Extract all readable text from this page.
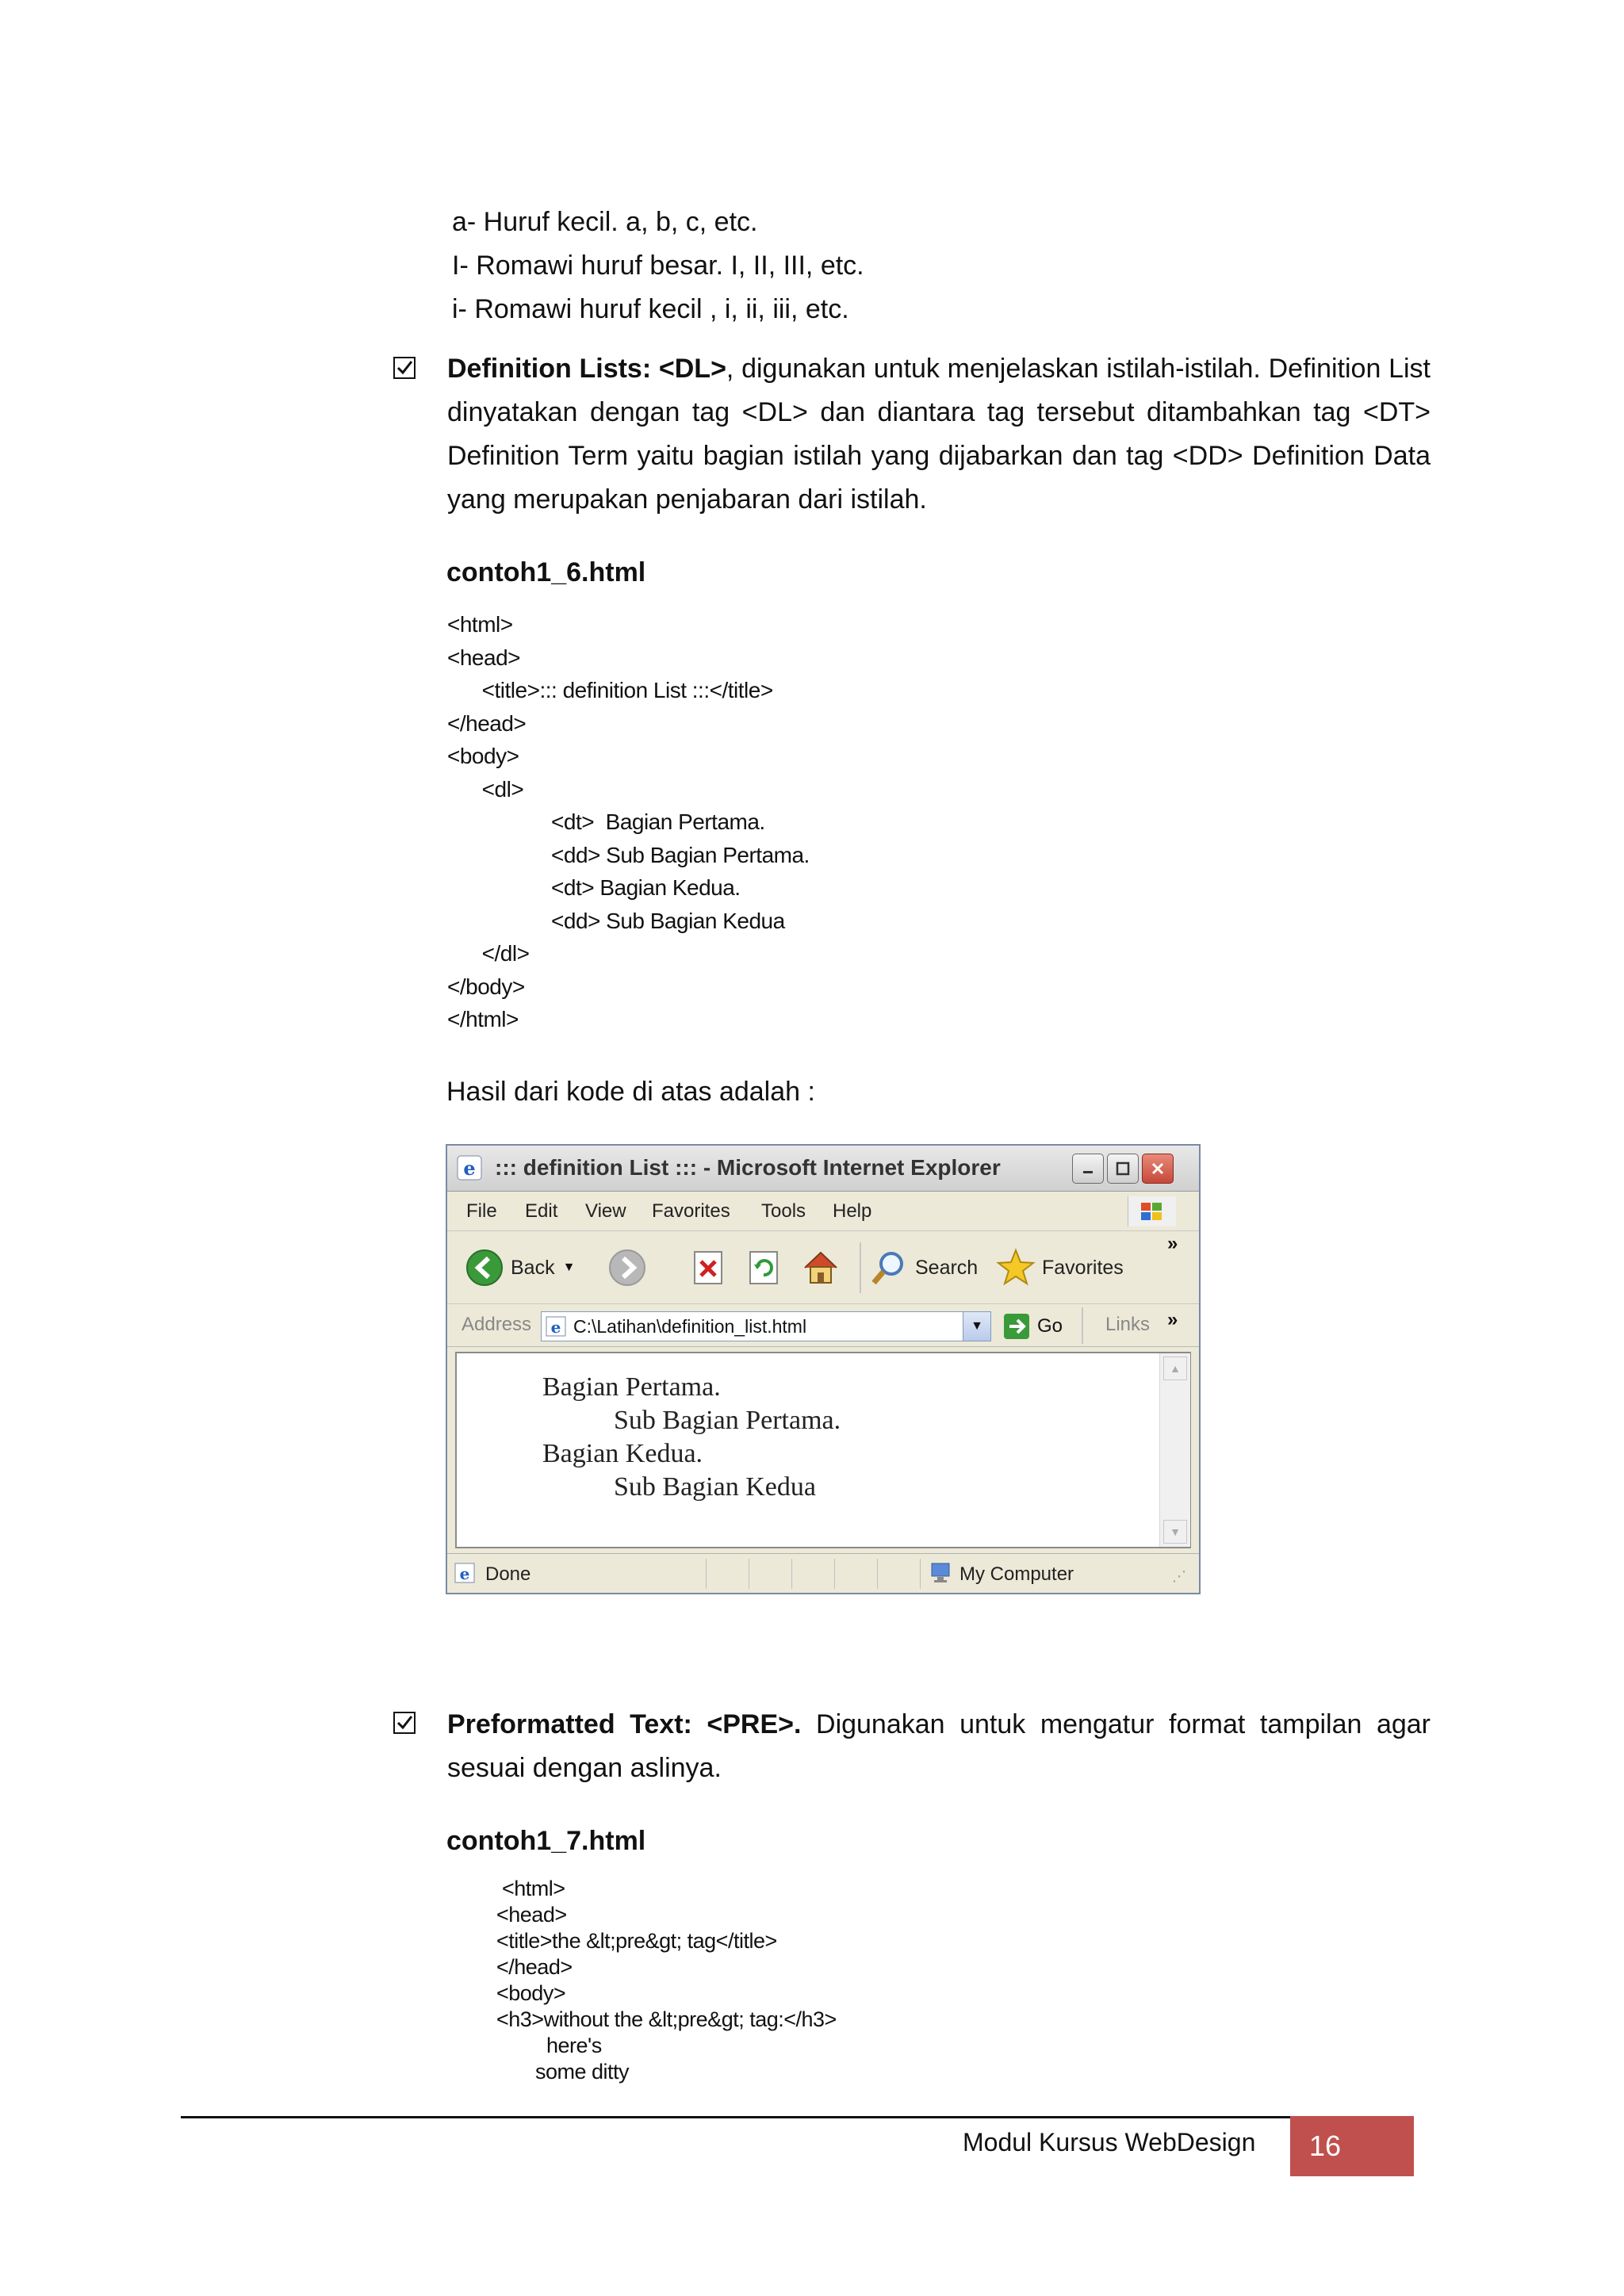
a- Huruf kecil. a, b, c, etc.
I- Romawi huruf besar. I, II, III, etc.
i- Romawi huruf kecil , i, ii, iii, etc.
Definition Lists: <DL>, digunakan untuk menjelaskan istilah-istilah. Definition List dinyatakan dengan tag <DL> dan diantara tag tersebut ditambahkan tag <DT> Definition Term yaitu bagian istilah yang dijabarkan dan tag <DD> Definition Data yang merupakan penjabaran dari istilah.
contoh1_6.html
<html>
<head>
<title>::: definition List :::</title>
</head>
<body>
<dl>
<dt>  Bagian Pertama.
<dd> Sub Bagian Pertama.
<dt> Bagian Kedua.
<dd> Sub Bagian Kedua
</dl>
</body>
</html>
Hasil dari kode di atas adalah :
e ::: definition List ::: - Microsoft Internet Explorer
File Edit View Favorites Tools Help
Back ▼	Search	Favorites
»
Address e C:\Latihan\definition_list.html	▼	Go Links »
Bagian Pertama.
Sub Bagian Pertama.
Bagian Kedua.
Sub Bagian Kedua
▲
▼
e Done	My Computer	⋰
Preformatted Text: <PRE>. Digunakan untuk mengatur format tampilan agar sesuai dengan aslinya.
contoh1_7.html
<html>
<head>
<title>the &lt;pre&gt; tag</title>
</head>
<body>
<h3>without the &lt;pre&gt; tag:</h3>
here's
some ditty
Modul Kursus WebDesign	16
